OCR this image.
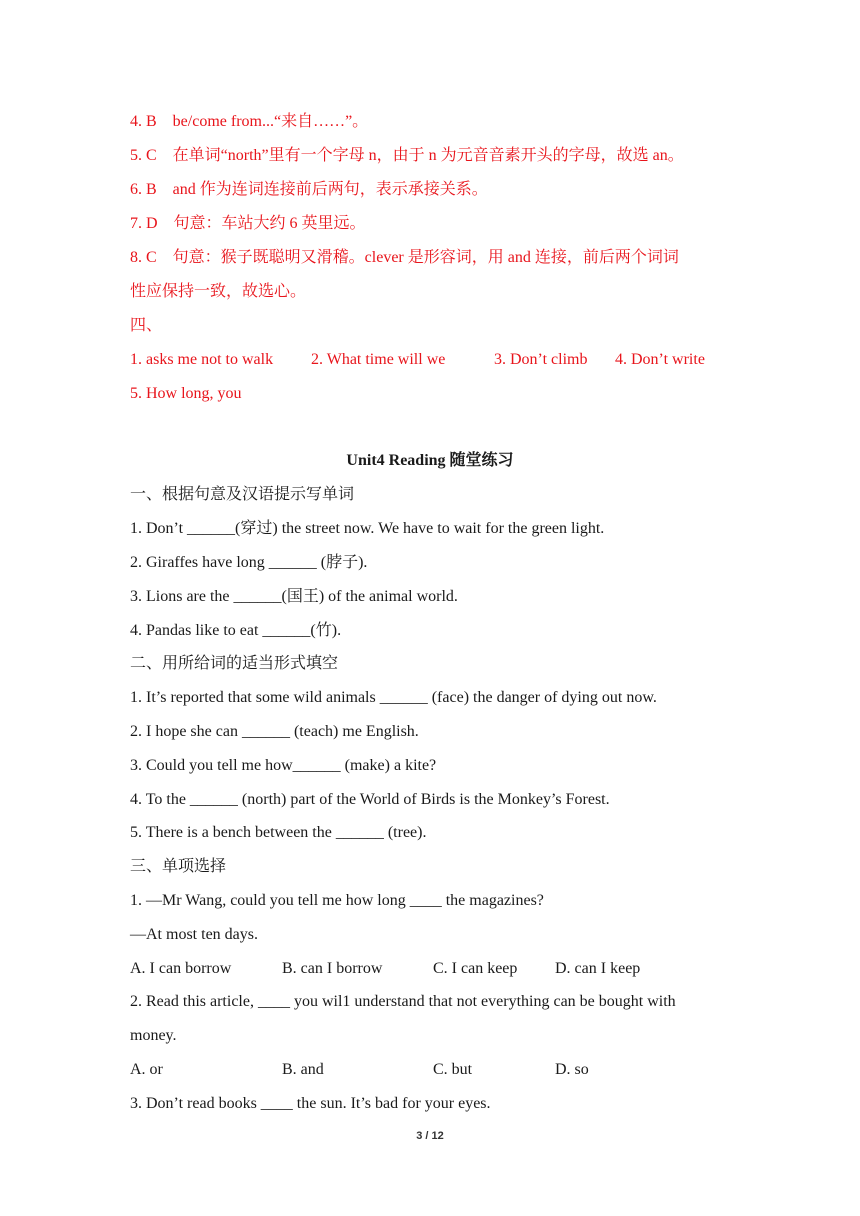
4. B　be/come from...“来自……”。
5. C　在单词“north”里有一个字母 n，由于 n 为元音音素开头的字母，故选 an。
6. B　and 作为连词连接前后两句，表示承接关系。
7. D　句意：车站大约 6 英里远。
8. C　句意：猴子既聪明又滑稽。clever 是形容词，用 and 连接，前后两个词词
性应保持一致，故选心。
四、
1. asks me not to walk 2. What time will we	3. Don’t climb 4. Don’t write
5. How long, you
Unit4 Reading 随堂练习
一、根据句意及汉语提示写单词
1. Don’t ______(穿过) the street now. We have to wait for the green light.
2. Giraffes have long ______ (脖子).
3. Lions are the ______(国王) of the animal world.
4. Pandas like to eat ______(竹).
二、用所给词的适当形式填空
1. It’s reported that some wild animals ______ (face) the danger of dying out now.
2. I hope she can ______ (teach) me English.
3. Could you tell me how______ (make) a kite?
4. To the ______ (north) part of the World of Birds is the Monkey’s Forest.
5. There is a bench between the ______ (tree).
三、单项选择
1. —Mr Wang, could you tell me how long ____ the magazines?
—At most ten days.
A. I can borrow	B. can I borrow	C. I can keep D. can I keep
2. Read this article, ____ you wil1 understand that not everything can be bought with
money.
A. or	B. and	C. but	D. so
3. Don’t read books ____ the sun. It’s bad for your eyes.
3 / 12
